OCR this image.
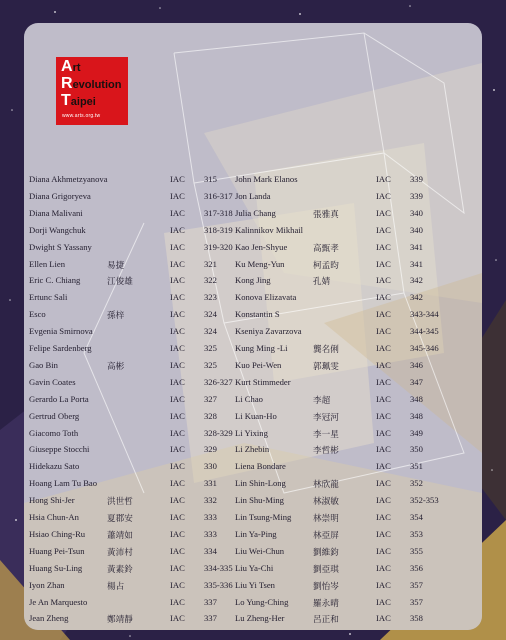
Art
Revolution
Taipei
www.arts.org.tw
Diana Akhmetzyanova	IAC 315
Diana Grigoryeva	IAC 316-317
Diana Malivani	IAC 317-318
Dorji Wangchuk	IAC 318-319
Dwight S Yassany	IAC 319-320
Ellen Lien	易捷	IAC 321
Eric C. Chiang	江俊雄	IAC 322
Ertunc Sali	IAC 323
Esco	孫梓	IAC 324
Evgenia Smirnova	IAC 324
Felipe Sardenberg	IAC 325
Gao Bin	高彬	IAC 325
Gavin Coates	IAC 326-327
Gerardo La Porta	IAC 327
Gertrud Oberg	IAC 328
Giacomo Toth	IAC 328-329
Giuseppe Stocchi	IAC 329
Hidekazu Sato	IAC 330
Hoang Lam Tu Bao	IAC 331
Hong Shi-Jer	洪世哲	IAC 332
Hsia Chun-An	夏郡安	IAC 333
Hsiao Ching-Ru	蕭靖如	IAC 333
Huang Pei-Tsun	黃沛村	IAC 334
Huang Su-Ling	黃素鈴	IAC 334-335
Iyon Zhan	楊占	IAC 335-336
Je An Marquesto	IAC 337
Jean Zheng	鄭靖靜	IAC 337
John Mark Elanos	IAC 339
Jon Landa	IAC 339
Julia Chang	張雅真	IAC 340
Kalinnikov Mikhail	IAC 340
Kao Jen-Shyue	高甄孝	IAC 341
Ku Meng-Yun	柯孟昀	IAC 341
Kong Jing	孔婧	IAC 342
Konova Elizavata	IAC 342
Konstantin S	IAC 343-344
Kseniya Zavarzova	IAC 344-345
Kung Ming -Li	龔名俐	IAC 345-346
Kuo Pei-Wen	郭珮雯	IAC 346
Kurt Stimmeder	IAC 347
Li Chao	李超	IAC 348
Li Kuan-Ho	李冠河	IAC 348
Li Yixing	李一星	IAC 349
Li Zhebin	李哲彬	IAC 350
Liena Bondare	IAC 351
Lin Shin-Long	林欣龍	IAC 352
Lin Shu-Ming	林淑敏	IAC 352-353
Lin Tsung-Ming	林崇明	IAC 354
Lin Ya-Ping	林亞屏	IAC 353
Liu Wei-Chun	劉維鈞	IAC 355
Liu Ya-Chi	劉亞琪	IAC 356
Liu Yi Tsen	劉怡岑	IAC 357
Lo Yung-Ching	羅永晴	IAC 357
Lu Zheng-Her	呂正和	IAC 358
